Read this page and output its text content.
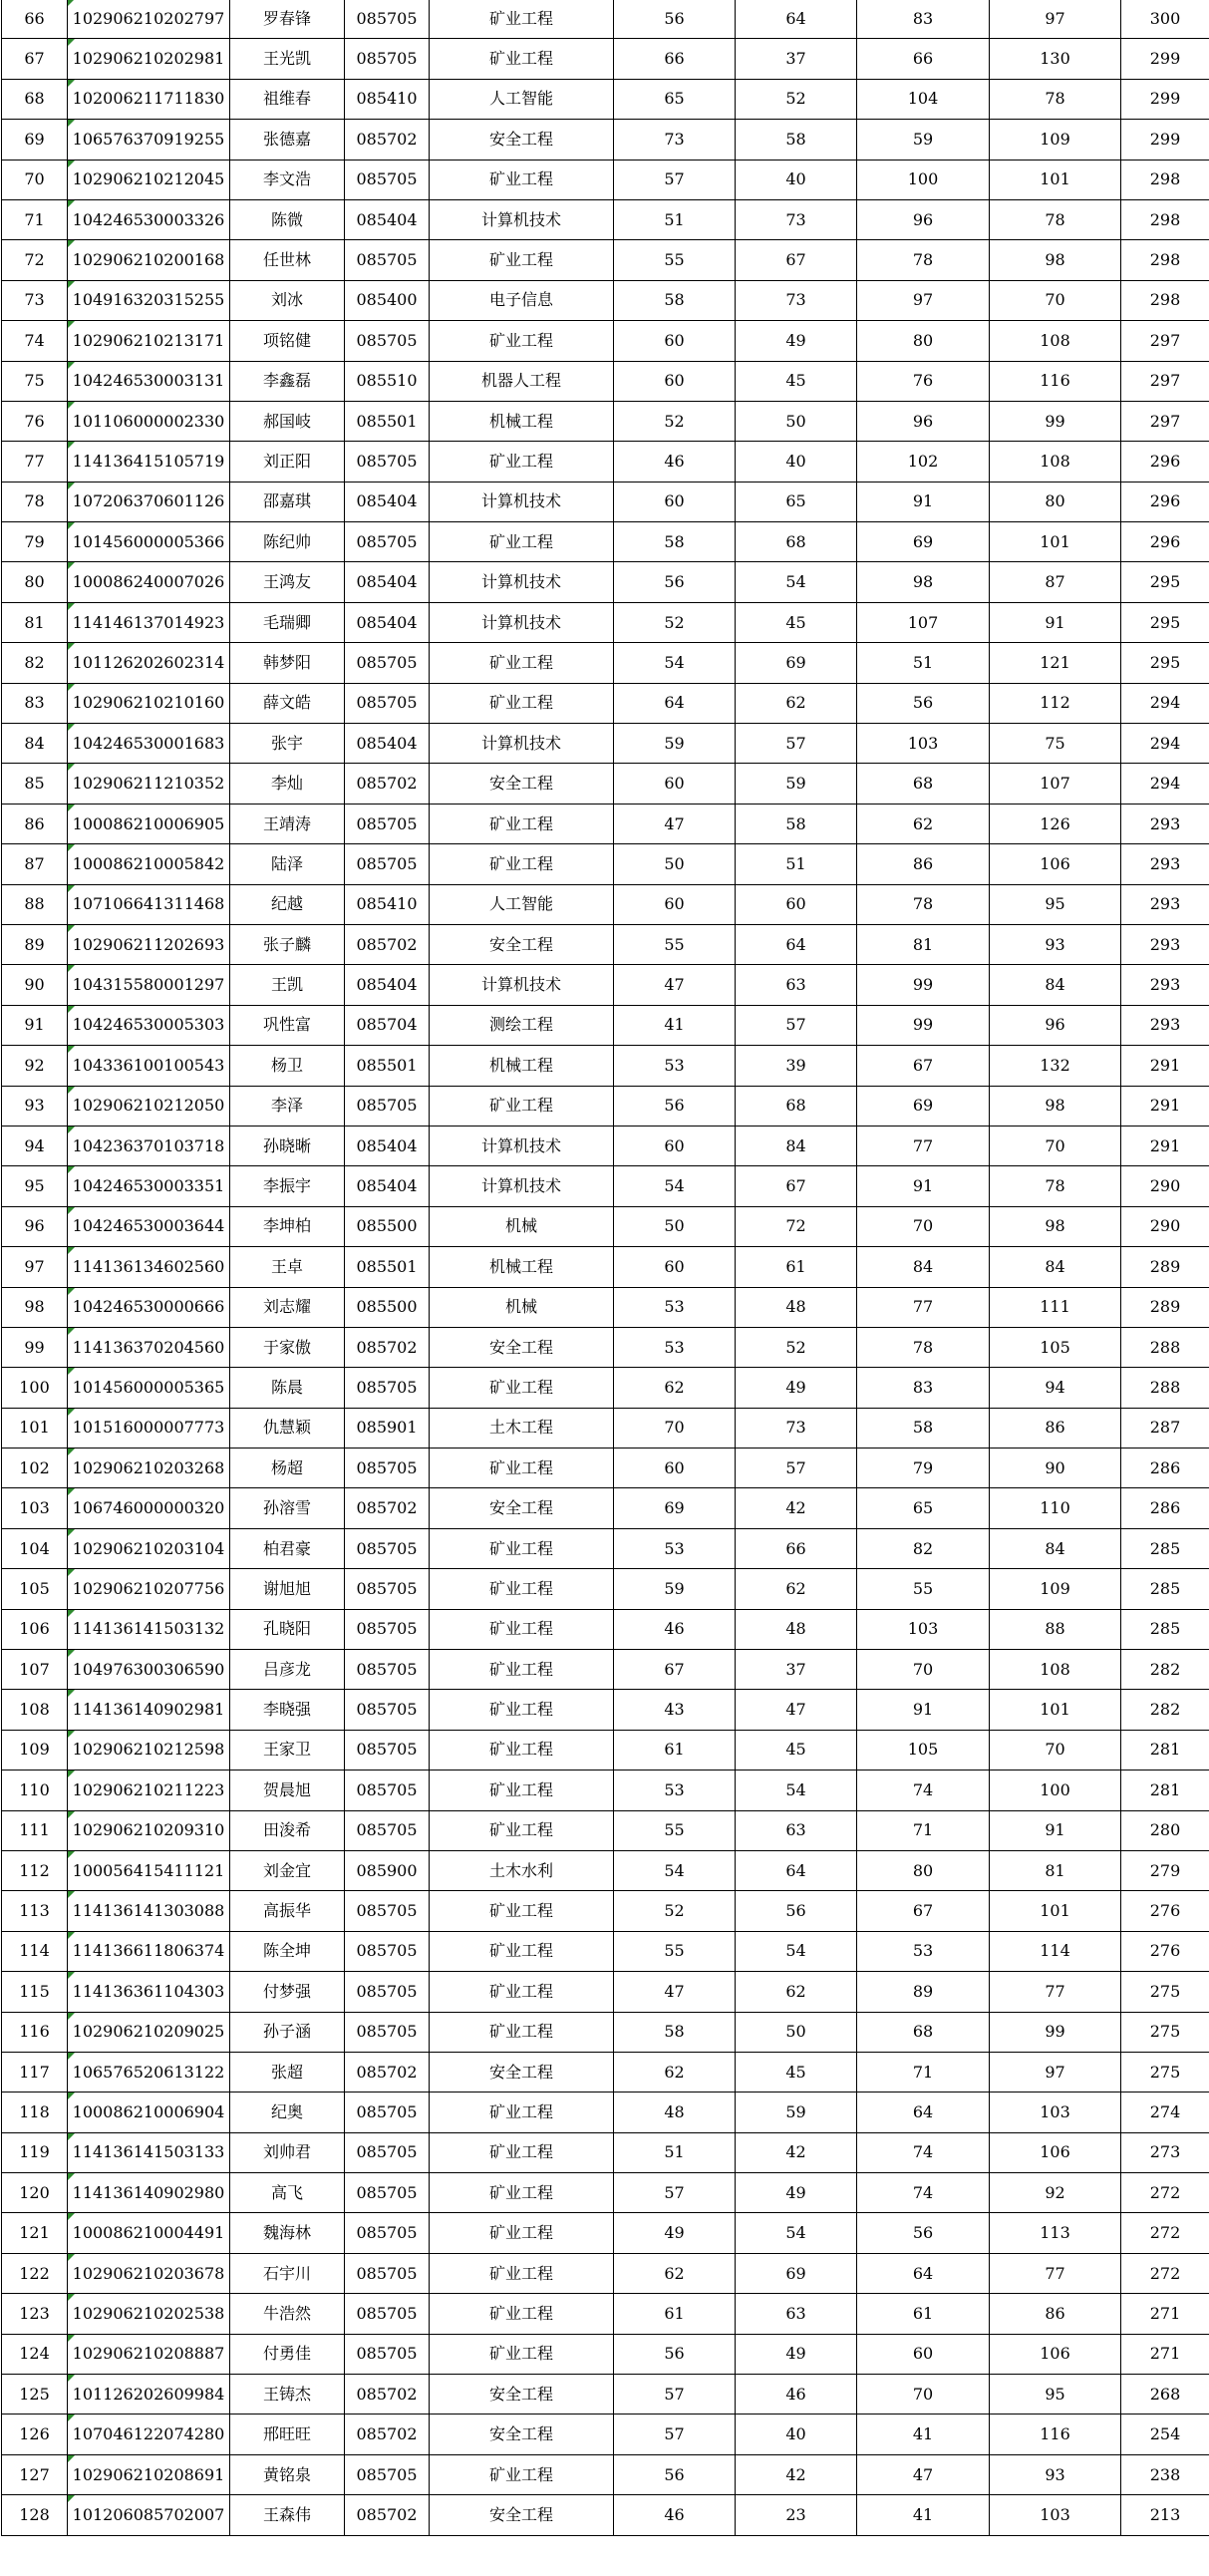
66	102906210202797	罗春锋	085705	矿业工程	56	64	83	97	300
67	102906210202981	王光凯	085705	矿业工程	66	37	66	130	299
68	102006211711830	祖维春	085410	人工智能	65	52	104	78	299
69	106576370919255	张德嘉	085702	安全工程	73	58	59	109	299
70	102906210212045	李文浩	085705	矿业工程	57	40	100	101	298
71	104246530003326	陈微	085404	计算机技术	51	73	96	78	298
72	102906210200168	任世林	085705	矿业工程	55	67	78	98	298
73	104916320315255	刘冰	085400	电子信息	58	73	97	70	298
74	102906210213171	项铭健	085705	矿业工程	60	49	80	108	297
75	104246530003131	李鑫磊	085510	机器人工程	60	45	76	116	297
76	101106000002330	郝国岐	085501	机械工程	52	50	96	99	297
77	114136415105719	刘正阳	085705	矿业工程	46	40	102	108	296
78	107206370601126	邵嘉琪	085404	计算机技术	60	65	91	80	296
79	101456000005366	陈纪帅	085705	矿业工程	58	68	69	101	296
80	100086240007026	王鸿友	085404	计算机技术	56	54	98	87	295
81	114146137014923	毛瑞卿	085404	计算机技术	52	45	107	91	295
82	101126202602314	韩梦阳	085705	矿业工程	54	69	51	121	295
83	102906210210160	薛文皓	085705	矿业工程	64	62	56	112	294
84	104246530001683	张宇	085404	计算机技术	59	57	103	75	294
85	102906211210352	李灿	085702	安全工程	60	59	68	107	294
86	100086210006905	王靖涛	085705	矿业工程	47	58	62	126	293
87	100086210005842	陆泽	085705	矿业工程	50	51	86	106	293
88	107106641311468	纪越	085410	人工智能	60	60	78	95	293
89	102906211202693	张子麟	085702	安全工程	55	64	81	93	293
90	104315580001297	王凯	085404	计算机技术	47	63	99	84	293
91	104246530005303	巩性富	085704	测绘工程	41	57	99	96	293
92	104336100100543	杨卫	085501	机械工程	53	39	67	132	291
93	102906210212050	李泽	085705	矿业工程	56	68	69	98	291
94	104236370103718	孙晓晰	085404	计算机技术	60	84	77	70	291
95	104246530003351	李振宇	085404	计算机技术	54	67	91	78	290
96	104246530003644	李坤柏	085500	机械	50	72	70	98	290
97	114136134602560	王卓	085501	机械工程	60	61	84	84	289
98	104246530000666	刘志耀	085500	机械	53	48	77	111	289
99	114136370204560	于家傲	085702	安全工程	53	52	78	105	288
100	101456000005365	陈晨	085705	矿业工程	62	49	83	94	288
101	101516000007773	仇慧颖	085901	土木工程	70	73	58	86	287
102	102906210203268	杨超	085705	矿业工程	60	57	79	90	286
103	106746000000320	孙溶雪	085702	安全工程	69	42	65	110	286
104	102906210203104	柏君豪	085705	矿业工程	53	66	82	84	285
105	102906210207756	谢旭旭	085705	矿业工程	59	62	55	109	285
106	114136141503132	孔晓阳	085705	矿业工程	46	48	103	88	285
107	104976300306590	吕彦龙	085705	矿业工程	67	37	70	108	282
108	114136140902981	李晓强	085705	矿业工程	43	47	91	101	282
109	102906210212598	王家卫	085705	矿业工程	61	45	105	70	281
110	102906210211223	贺晨旭	085705	矿业工程	53	54	74	100	281
111	102906210209310	田浚希	085705	矿业工程	55	63	71	91	280
112	100056415411121	刘金宜	085900	土木水利	54	64	80	81	279
113	114136141303088	高振华	085705	矿业工程	52	56	67	101	276
114	114136611806374	陈全坤	085705	矿业工程	55	54	53	114	276
115	114136361104303	付梦强	085705	矿业工程	47	62	89	77	275
116	102906210209025	孙子涵	085705	矿业工程	58	50	68	99	275
117	106576520613122	张超	085702	安全工程	62	45	71	97	275
118	100086210006904	纪奥	085705	矿业工程	48	59	64	103	274
119	114136141503133	刘帅君	085705	矿业工程	51	42	74	106	273
120	114136140902980	高飞	085705	矿业工程	57	49	74	92	272
121	100086210004491	魏海林	085705	矿业工程	49	54	56	113	272
122	102906210203678	石宇川	085705	矿业工程	62	69	64	77	272
123	102906210202538	牛浩然	085705	矿业工程	61	63	61	86	271
124	102906210208887	付勇佳	085705	矿业工程	56	49	60	106	271
125	101126202609984	王铸杰	085702	安全工程	57	46	70	95	268
126	107046122074280	邢旺旺	085702	安全工程	57	40	41	116	254
127	102906210208691	黄铭泉	085705	矿业工程	56	42	47	93	238
128	101206085702007	王森伟	085702	安全工程	46	23	41	103	213
